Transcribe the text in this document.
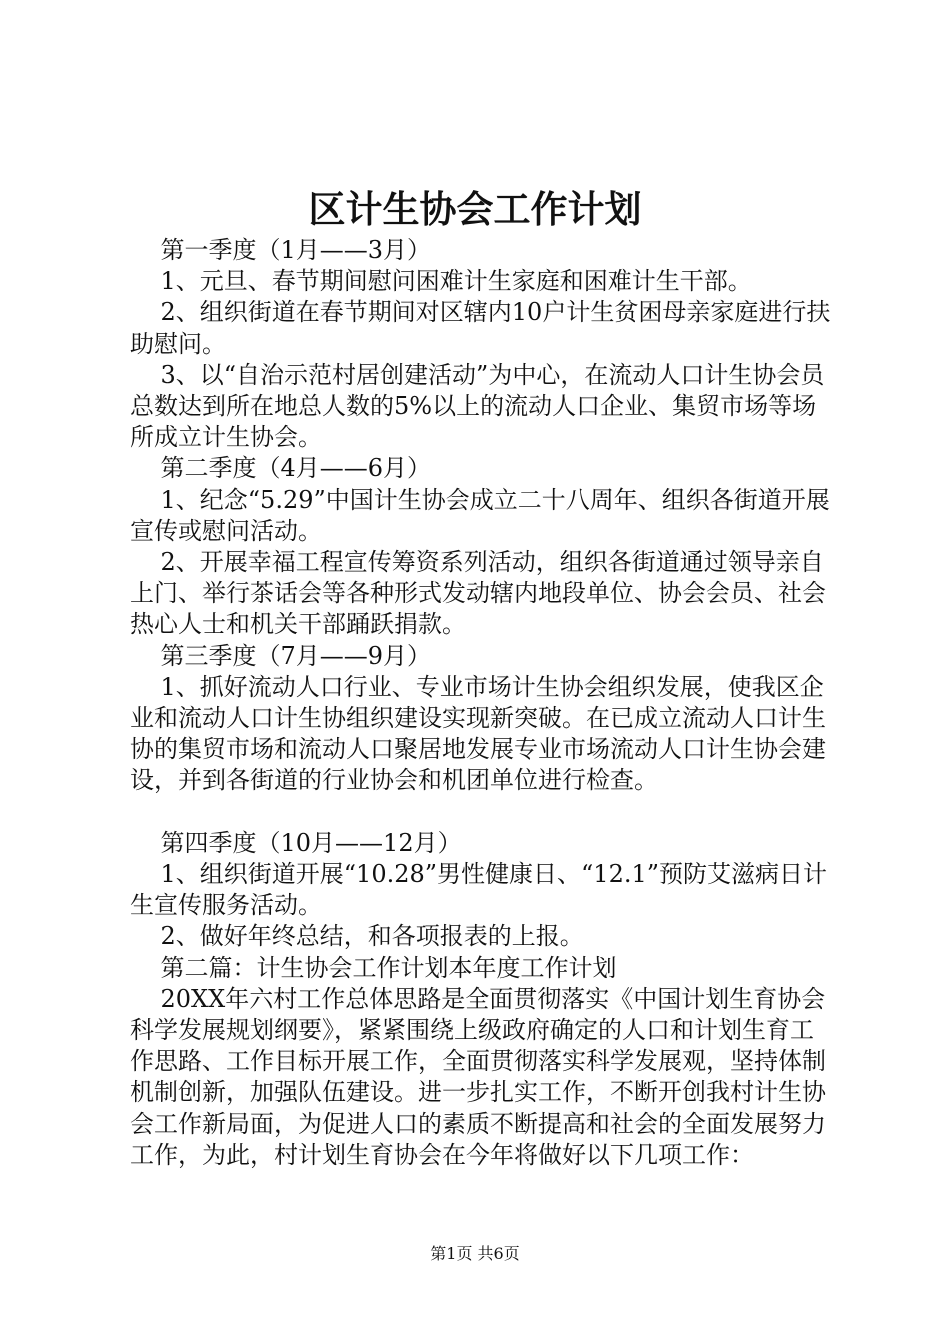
区计生协会工作计划

第一季度（1月——3月）

1、元旦、春节期间慰问困难计生家庭和困难计生干部。

2、组织街道在春节期间对区辖内10户计生贫困母亲家庭进行扶助慰问。

3、以“自治示范村居创建活动”为中心，在流动人口计生协会员总数达到所在地总人数的5%以上的流动人口企业、集贸市场等场所成立计生协会。

第二季度（4月——6月）

1、纪念“5.29”中国计生协会成立二十八周年、组织各街道开展宣传或慰问活动。

2、开展幸福工程宣传筹资系列活动，组织各街道通过领导亲自上门、举行茶话会等各种形式发动辖内地段单位、协会会员、社会热心人士和机关干部踊跃捐款。

第三季度（7月——9月）

1、抓好流动人口行业、专业市场计生协会组织发展，使我区企业和流动人口计生协组织建设实现新突破。在已成立流动人口计生协的集贸市场和流动人口聚居地发展专业市场流动人口计生协会建设，并到各街道的行业协会和机团单位进行检查。

第四季度（10月——12月）

1、组织街道开展“10.28”男性健康日、“12.1”预防艾滋病日计生宣传服务活动。

2、做好年终总结，和各项报表的上报。

第二篇：计生协会工作计划本年度工作计划

20XX年六村工作总体思路是全面贯彻落实《中国计划生育协会科学发展规划纲要》，紧紧围绕上级政府确定的人口和计划生育工作思路、工作目标开展工作，全面贯彻落实科学发展观，坚持体制机制创新，加强队伍建设。进一步扎实工作，不断开创我村计生协会工作新局面，为促进人口的素质不断提高和社会的全面发展努力工作，为此，村计划生育协会在今年将做好以下几项工作：

第1页 共6页
